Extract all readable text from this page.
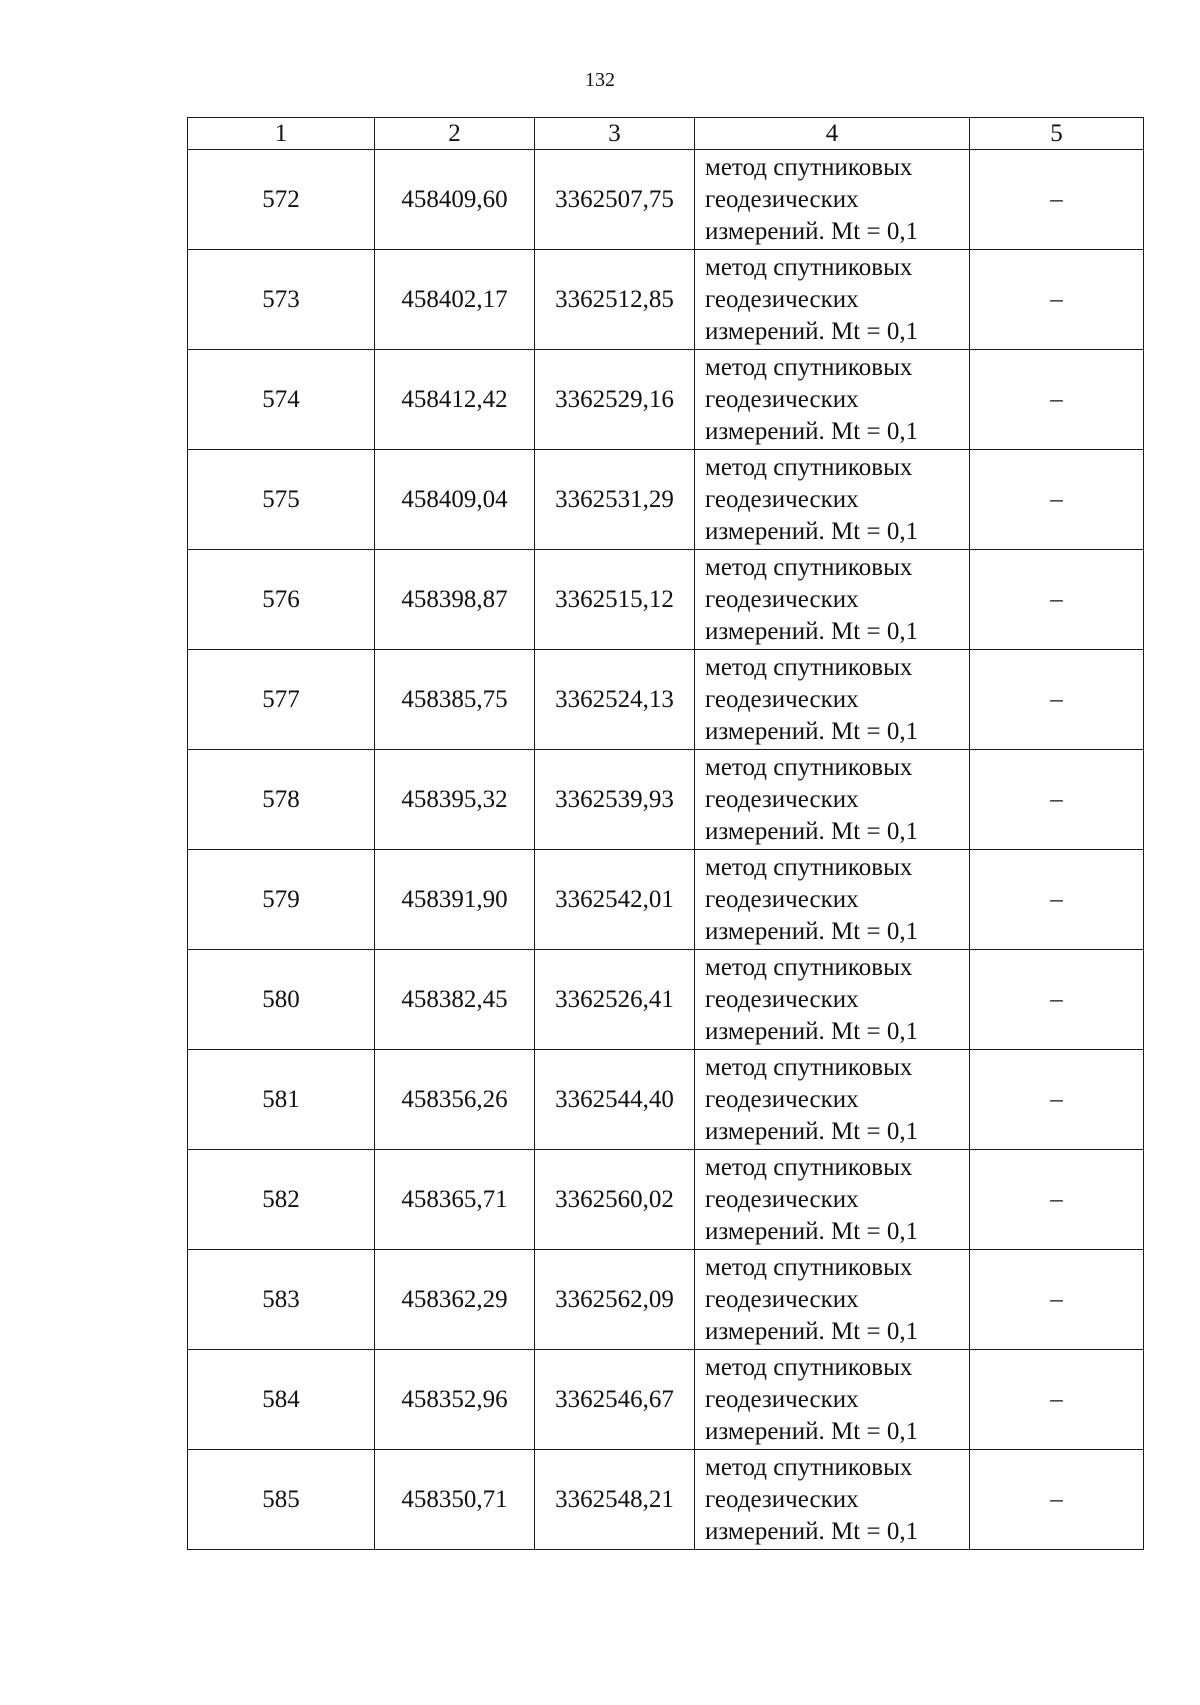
132
1	2	3	4	5
572	458409,60	3362507,75	метод спутниковых
геодезических
измерений. Mt = 0,1	–
573	458402,17	3362512,85	метод спутниковых
геодезических
измерений. Mt = 0,1	–
574	458412,42	3362529,16	метод спутниковых
геодезических
измерений. Mt = 0,1	–
575	458409,04	3362531,29	метод спутниковых
геодезических
измерений. Mt = 0,1	–
576	458398,87	3362515,12	метод спутниковых
геодезических
измерений. Mt = 0,1	–
577	458385,75	3362524,13	метод спутниковых
геодезических
измерений. Mt = 0,1	–
578	458395,32	3362539,93	метод спутниковых
геодезических
измерений. Mt = 0,1	–
579	458391,90	3362542,01	метод спутниковых
геодезических
измерений. Mt = 0,1	–
580	458382,45	3362526,41	метод спутниковых
геодезических
измерений. Mt = 0,1	–
581	458356,26	3362544,40	метод спутниковых
геодезических
измерений. Mt = 0,1	–
582	458365,71	3362560,02	метод спутниковых
геодезических
измерений. Mt = 0,1	–
583	458362,29	3362562,09	метод спутниковых
геодезических
измерений. Mt = 0,1	–
584	458352,96	3362546,67	метод спутниковых
геодезических
измерений. Mt = 0,1	–
585	458350,71	3362548,21	метод спутниковых
геодезических
измерений. Mt = 0,1	–
